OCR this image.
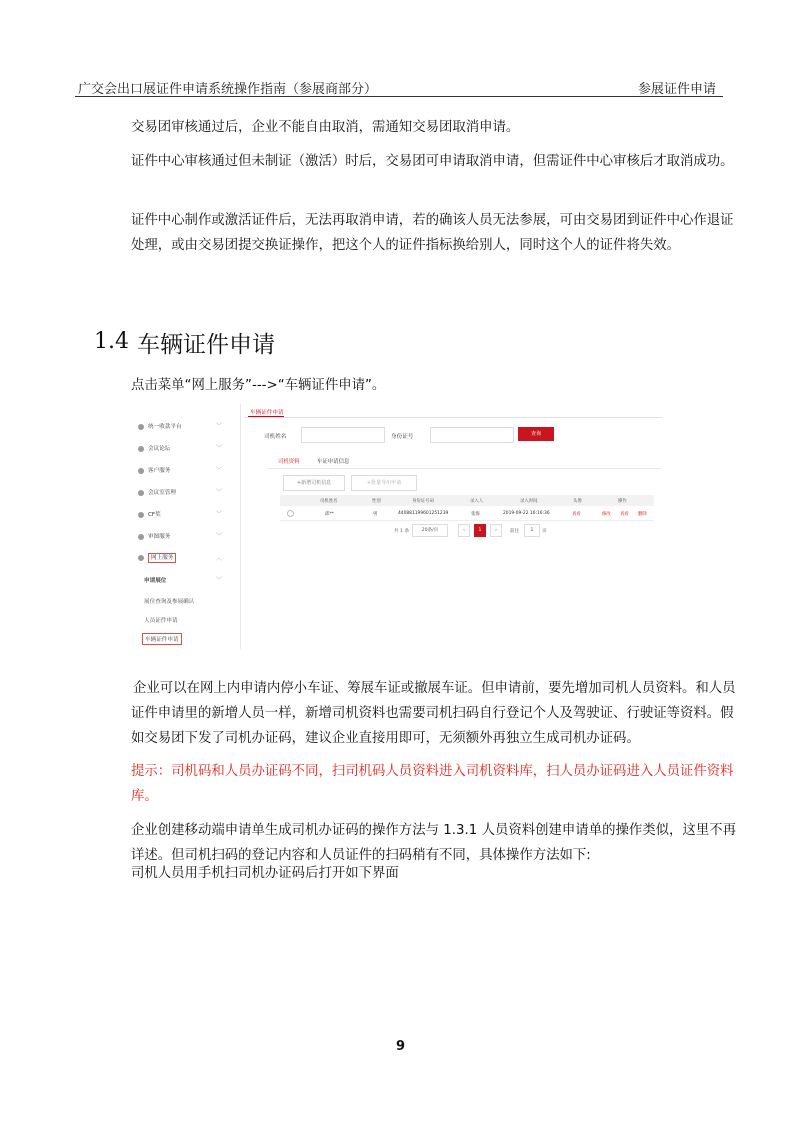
广交会出口展证件申请系统操作指南（参展商部分）	参展证件申请
交易团审核通过后，企业不能自由取消，需通知交易团取消申请。
证件中心审核通过但未制证（激活）时后，交易团可申请取消申请，但需证件中心审核后才取消成功。
证件中心制作或激活证件后，无法再取消申请，若的确该人员无法参展，可由交易团到证件中心作退证处理，或由交易团提交换证操作，把这个人的证件指标换给别人，同时这个人的证件将失效。
1.4 车辆证件申请
点击菜单“网上服务”--->“车辆证件申请”。
统一收款平台	﹀
会议论坛	﹀
客户服务	﹀
会议室管理	﹀
CF奖	﹀
审图服务	﹀
网上服务	︿
申请展位	﹀
展位查询及参展确认
人员证件申请
车辆证件申请
车辆证件申请
司机姓名	身份证号	查询
司机资料	车证申请信息
+新增司机信息	+批量导出申请
司机姓名	性别	身份证号码	录入人	录入时间	头像	操作
邱**	男	440881199601251239	张海	2019-09-22 16:16:36	查看	修改 查看 删除
共 1 条	20条/页	‹	1	›	前往	1	页
企业可以在网上内申请内停小车证、筹展车证或撤展车证。但申请前，要先增加司机人员资料。和人员证件申请里的新增人员一样，新增司机资料也需要司机扫码自行登记个人及驾驶证、行驶证等资料。假如交易团下发了司机办证码，建议企业直接用即可，无须额外再独立生成司机办证码。
提示：司机码和人员办证码不同，扫司机码人员资料进入司机资料库，扫人员办证码进入人员证件资料库。
企业创建移动端申请单生成司机办证码的操作方法与 1.3.1 人员资料创建申请单的操作类似，这里不再详述。但司机扫码的登记内容和人员证件的扫码稍有不同，具体操作方法如下:
司机人员用手机扫司机办证码后打开如下界面
9
